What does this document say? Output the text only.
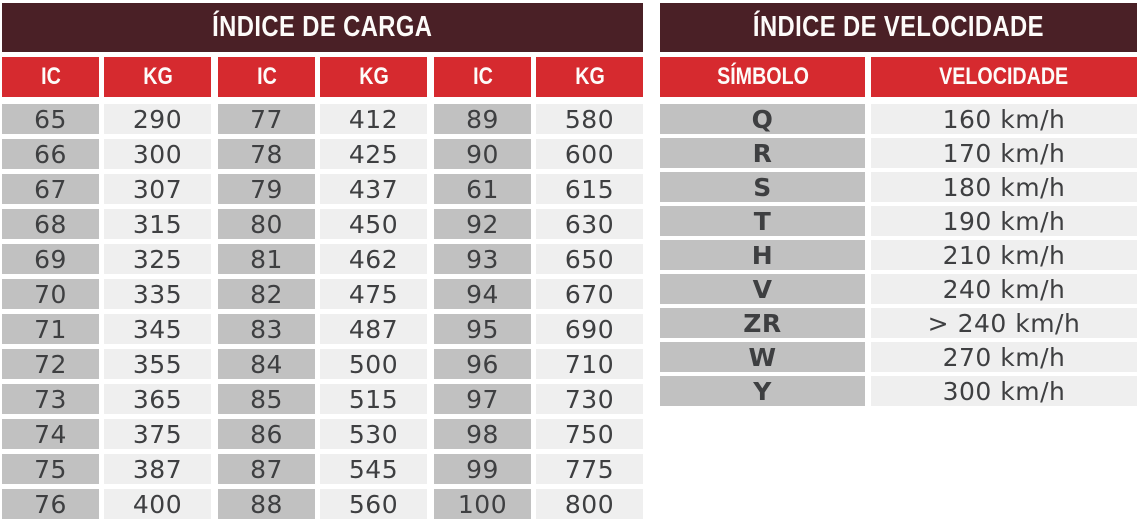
ÍNDICE DE CARGA
IC	KG
65	290
66	300
67	307
68	315
69	325
70	335
71	345
72	355
73	365
74	375
75	387
76	400
IC	KG
77	412
78	425
79	437
80	450
81	462
82	475
83	487
84	500
85	515
86	530
87	545
88	560
IC	KG
89	580
90	600
61	615
92	630
93	650
94	670
95	690
96	710
97	730
98	750
99	775
100	800
ÍNDICE DE VELOCIDADE
SÍMBOLO	VELOCIDADE
Q	160 km/h
R	170 km/h
S	180 km/h
T	190 km/h
H	210 km/h
V	240 km/h
ZR	> 240 km/h
W	270 km/h
Y	300 km/h
